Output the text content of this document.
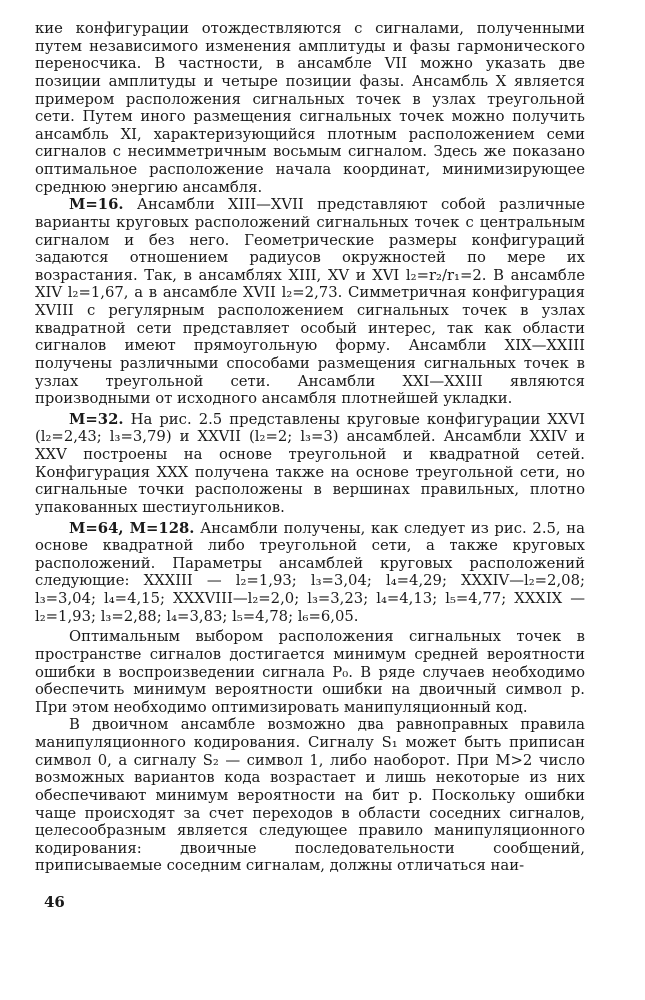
кие конфигурации отождествляются с сигналами, полученными путем независимого изменения амплитуды и фазы гармонического переносчика. В частности, в ансамбле VII можно указать две позиции амплитуды и четыре позиции фазы. Ансамбль X является примером расположения сигнальных точек в узлах треугольной сети. Путем иного размещения сигнальных точек можно получить ансамбль XI, характеризующийся плотным расположением семи сигналов с несимметричным восьмым сигналом. Здесь же показано оптимальное расположение начала координат, минимизирующее среднюю энергию ансамбля.

M=16. Ансамбли XIII—XVII представляют собой различные варианты круговых расположений сигнальных точек с центральным сигналом и без него. Геометрические размеры конфигураций задаются отношением радиусов окружностей по мере их возрастания. Так, в ансамблях XIII, XV и XVI l₂=r₂/r₁=2. В ансамбле XIV l₂=1,67, а в ансамбле XVII l₂=2,73. Симметричная конфигурация XVIII с регулярным расположением сигнальных точек в узлах квадратной сети представляет особый интерес, так как области сигналов имеют прямоугольную форму. Ансамбли XIX—XXIII получены различными способами размещения сигнальных точек в узлах треугольной сети. Ансамбли XXI—XXIII являются производными от исходного ансамбля плотнейшей укладки.

M=32. На рис. 2.5 представлены круговые конфигурации XXVI (l₂=2,43; l₃=3,79) и XXVII (l₂=2; l₃=3) ансамблей. Ансамбли XXIV и XXV построены на основе треугольной и квадратной сетей. Конфигурация XXX получена также на основе треугольной сети, но сигнальные точки расположены в вершинах правильных, плотно упакованных шестиугольников.

M=64, M=128. Ансамбли получены, как следует из рис. 2.5, на основе квадратной либо треугольной сети, а также круговых расположений. Параметры ансамблей круговых расположений следующие: XXXIII — l₂=1,93; l₃=3,04; l₄=4,29; XXXIV—l₂=2,08; l₃=3,04; l₄=4,15; XXXVIII—l₂=2,0; l₃=3,23; l₄=4,13; l₅=4,77; XXXIX — l₂=1,93; l₃=2,88; l₄=3,83; l₅=4,78; l₆=6,05.

Оптимальным выбором расположения сигнальных точек в пространстве сигналов достигается минимум средней вероятности ошибки в воспроизведении сигнала P₀. В ряде случаев необходимо обеспечить минимум вероятности ошибки на двоичный символ p. При этом необходимо оптимизировать манипуляционный код.

В двоичном ансамбле возможно два равноправных правила манипуляционного кодирования. Сигналу S₁ может быть приписан символ 0, а сигналу S₂ — символ 1, либо наоборот. При M>2 число возможных вариантов кода возрастает и лишь некоторые из них обеспечивают минимум вероятности на бит p. Поскольку ошибки чаще происходят за счет переходов в области соседних сигналов, целесообразным является следующее правило манипуляционного кодирования: двоичные последовательности сообщений, приписываемые соседним сигналам, должны отличаться наи-

46
